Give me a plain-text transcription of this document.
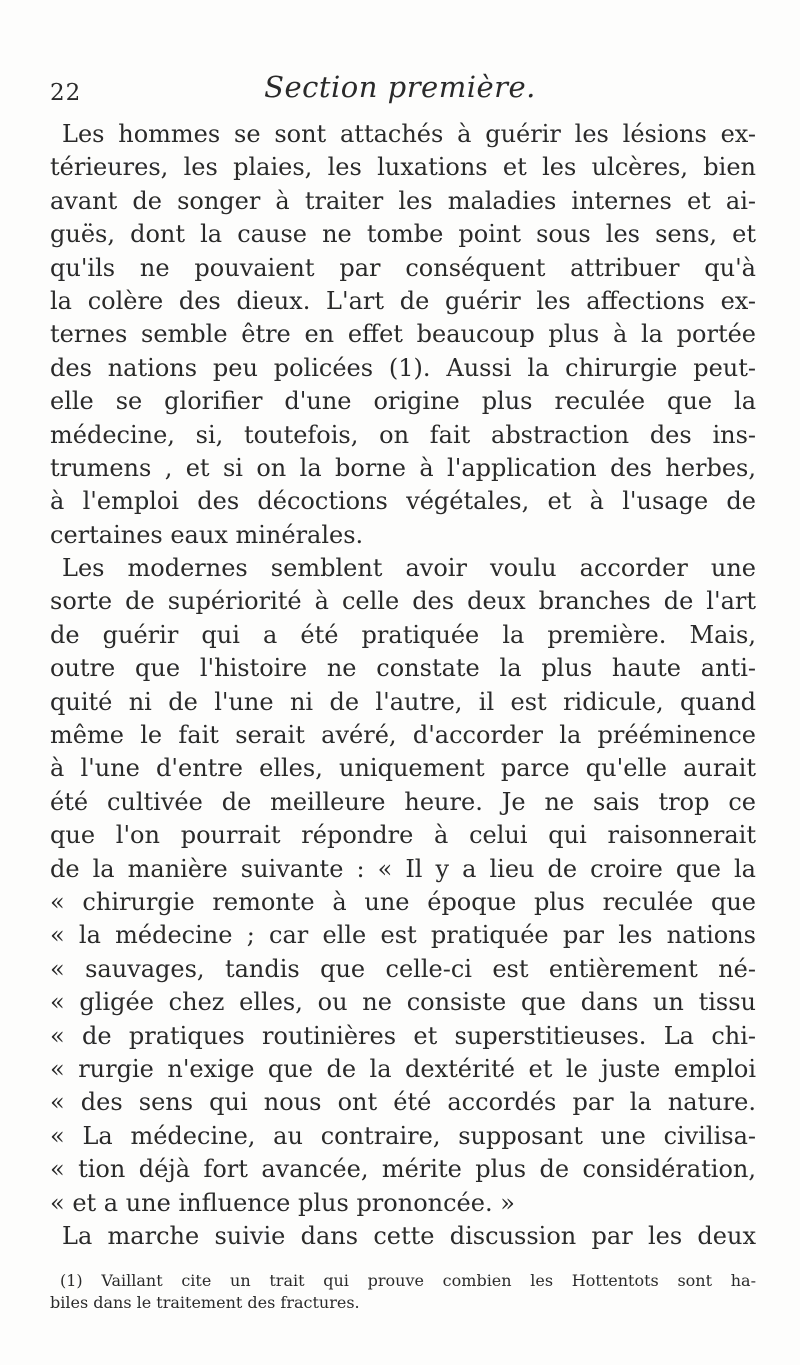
22	Section première.
Les hommes se sont attachés à guérir les lésions ex-
térieures, les plaies, les luxations et les ulcères, bien
avant de songer à traiter les maladies internes et ai-
guës, dont la cause ne tombe point sous les sens, et
qu'ils ne pouvaient par conséquent attribuer qu'à
la colère des dieux. L'art de guérir les affections ex-
ternes semble être en effet beaucoup plus à la portée
des nations peu policées (1). Aussi la chirurgie peut-
elle se glorifier d'une origine plus reculée que la
médecine, si, toutefois, on fait abstraction des ins-
trumens , et si on la borne à l'application des herbes,
à l'emploi des décoctions végétales, et à l'usage de
certaines eaux minérales.
Les modernes semblent avoir voulu accorder une
sorte de supériorité à celle des deux branches de l'art
de guérir qui a été pratiquée la première. Mais,
outre que l'histoire ne constate la plus haute anti-
quité ni de l'une ni de l'autre, il est ridicule, quand
même le fait serait avéré, d'accorder la prééminence
à l'une d'entre elles, uniquement parce qu'elle aurait
été cultivée de meilleure heure. Je ne sais trop ce
que l'on pourrait répondre à celui qui raisonnerait
de la manière suivante : « Il y a lieu de croire que la
« chirurgie remonte à une époque plus reculée que
« la médecine ; car elle est pratiquée par les nations
« sauvages, tandis que celle-ci est entièrement né-
« gligée chez elles, ou ne consiste que dans un tissu
« de pratiques routinières et superstitieuses. La chi-
« rurgie n'exige que de la dextérité et le juste emploi
« des sens qui nous ont été accordés par la nature.
« La médecine, au contraire, supposant une civilisa-
« tion déjà fort avancée, mérite plus de considération,
« et a une influence plus prononcée. »
La marche suivie dans cette discussion par les deux
(1) Vaillant cite un trait qui prouve combien les Hottentots sont ha-
biles dans le traitement des fractures.
